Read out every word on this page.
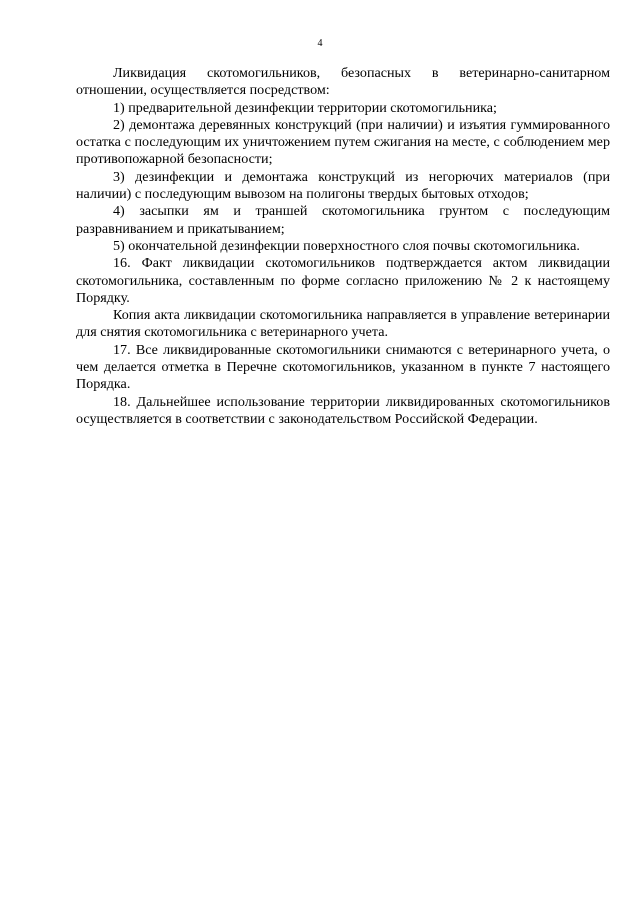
4

Ликвидация скотомогильников, безопасных в ветеринарно-санитарном отношении, осуществляется посредством:

1) предварительной дезинфекции территории скотомогильника;

2) демонтажа деревянных конструкций (при наличии) и изъятия гуммированного остатка с последующим их уничтожением путем сжигания на месте, с соблюдением мер противопожарной безопасности;

3) дезинфекции и демонтажа конструкций из негорючих материалов (при наличии) с последующим вывозом на полигоны твердых бытовых отходов;

4) засыпки ям и траншей скотомогильника грунтом с последующим разравниванием и прикатыванием;

5) окончательной дезинфекции поверхностного слоя почвы скотомогильника.

16. Факт ликвидации скотомогильников подтверждается актом ликвидации скотомогильника, составленным по форме согласно приложению № 2 к настоящему Порядку.

Копия акта ликвидации скотомогильника направляется в управление ветеринарии для снятия скотомогильника с ветеринарного учета.

17. Все ликвидированные скотомогильники снимаются с ветеринарного учета, о чем делается отметка в Перечне скотомогильников, указанном в пункте 7 настоящего Порядка.

18. Дальнейшее использование территории ликвидированных скотомогильников осуществляется в соответствии с законодательством Российской Федерации.
